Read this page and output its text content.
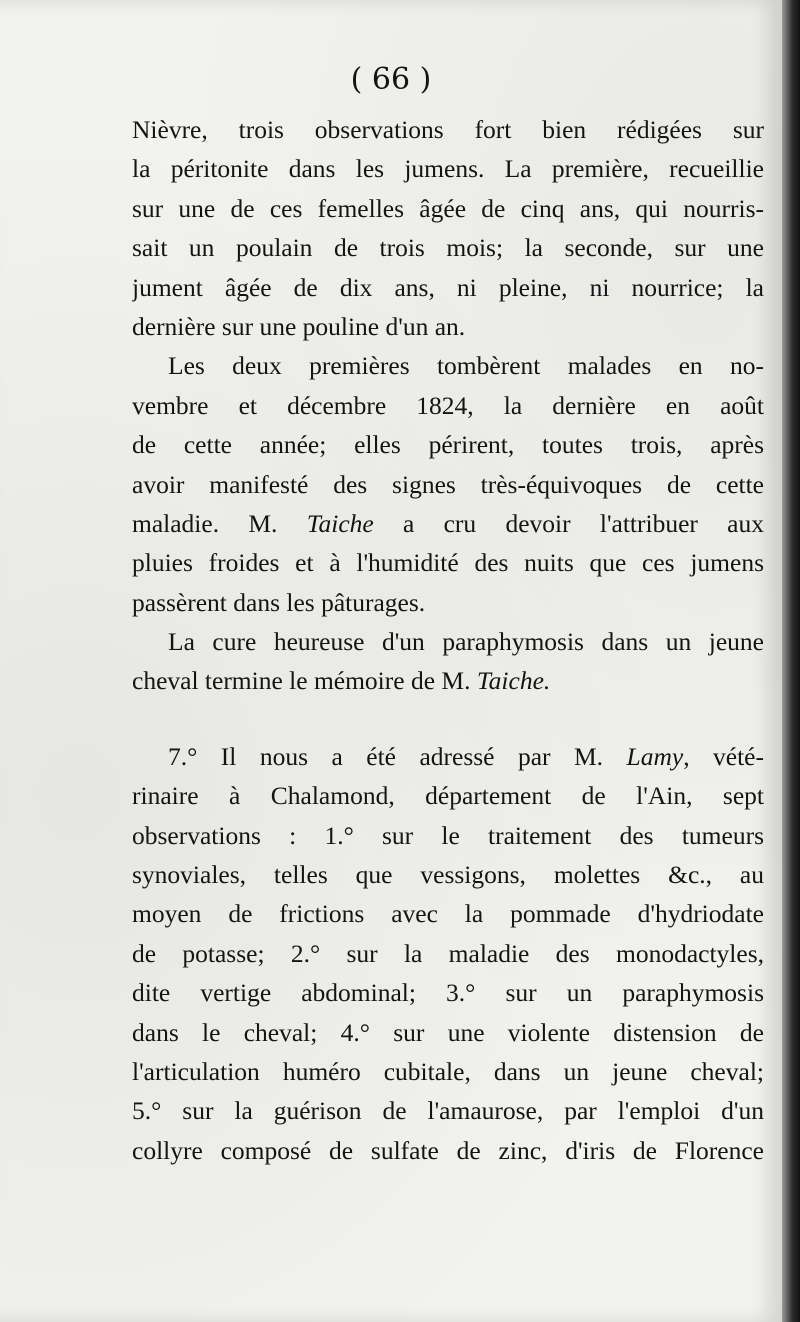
( 66 )
Nièvre, trois observations fort bien rédigées sur
la péritonite dans les jumens. La première, recueillie
sur une de ces femelles âgée de cinq ans, qui nourris-
sait un poulain de trois mois; la seconde, sur une
jument âgée de dix ans, ni pleine, ni nourrice; la
dernière sur une pouline d'un an.
Les deux premières tombèrent malades en no-
vembre et décembre 1824, la dernière en août
de cette année; elles périrent, toutes trois, après
avoir manifesté des signes très-équivoques de cette
maladie. M. Taiche a cru devoir l'attribuer aux
pluies froides et à l'humidité des nuits que ces jumens
passèrent dans les pâturages.
La cure heureuse d'un paraphymosis dans un jeune
cheval termine le mémoire de M. Taiche.
7.° Il nous a été adressé par M. Lamy, vété-
rinaire à Chalamond, département de l'Ain, sept
observations : 1.° sur le traitement des tumeurs
synoviales, telles que vessigons, molettes &c., au
moyen de frictions avec la pommade d'hydriodate
de potasse; 2.° sur la maladie des monodactyles,
dite vertige abdominal; 3.° sur un paraphymosis
dans le cheval; 4.° sur une violente distension de
l'articulation huméro cubitale, dans un jeune cheval;
5.° sur la guérison de l'amaurose, par l'emploi d'un
collyre composé de sulfate de zinc, d'iris de Florence
